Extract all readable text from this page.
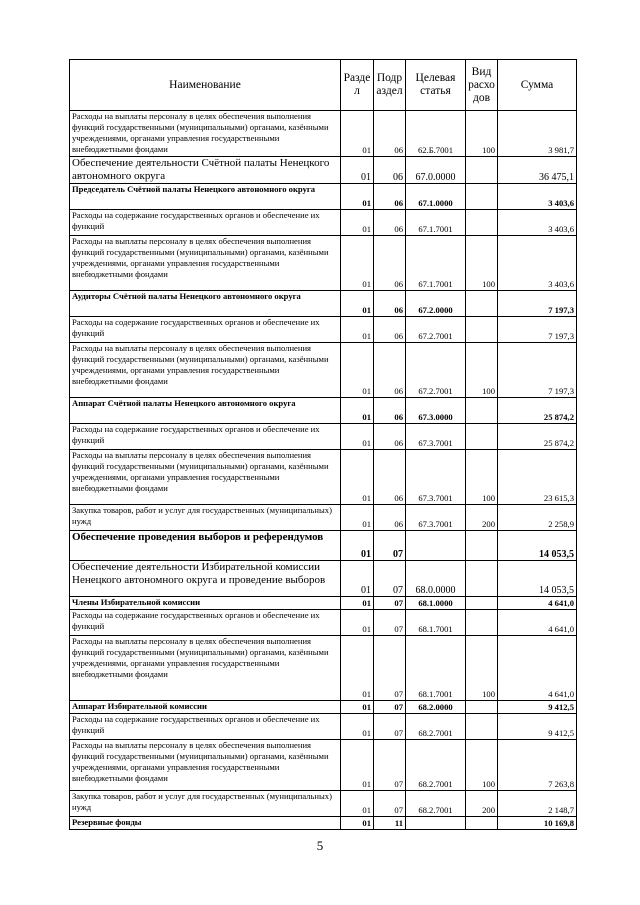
Наименование	Разде л	Подр аздел	Целевая статья	Вид расхо дов	Сумма
Расходы на выплаты персоналу в целях обеспечения выполнения функций государственными (муниципальными) органами, казёнными учреждениями, органами управления государственными внебюджетными фондами	01	06	62.Б.7001	100	3 981,7
Обеспечение деятельности Счётной палаты Ненецкого автономного округа	01	06	67.0.0000		36 475,1
Председатель Счётной палаты Ненецкого автономного округа	01	06	67.1.0000		3 403,6
Расходы на содержание государственных органов и обеспечение их функций	01	06	67.1.7001		3 403,6
Расходы на выплаты персоналу в целях обеспечения выполнения функций государственными (муниципальными) органами, казёнными учреждениями, органами управления государственными внебюджетными фондами	01	06	67.1.7001	100	3 403,6
Аудиторы Счётной палаты Ненецкого автономного округа	01	06	67.2.0000		7 197,3
Расходы на содержание государственных органов и обеспечение их функций	01	06	67.2.7001		7 197,3
Расходы на выплаты персоналу в целях обеспечения выполнения функций государственными (муниципальными) органами, казёнными учреждениями, органами управления государственными внебюджетными фондами	01	06	67.2.7001	100	7 197,3
Аппарат Счётной палаты Ненецкого автономного округа	01	06	67.3.0000		25 874,2
Расходы на содержание государственных органов и обеспечение их функций	01	06	67.3.7001		25 874,2
Расходы на выплаты персоналу в целях обеспечения выполнения функций государственными (муниципальными) органами, казёнными учреждениями, органами управления государственными внебюджетными фондами	01	06	67.3.7001	100	23 615,3
Закупка товаров, работ и услуг для государственных (муниципальных) нужд	01	06	67.3.7001	200	2 258,9
Обеспечение проведения выборов и референдумов	01	07			14 053,5
Обеспечение деятельности Избирательной комиссии Ненецкого автономного округа и проведение выборов	01	07	68.0.0000		14 053,5
Члены Избирательной комиссии	01	07	68.1.0000		4 641,0
Расходы на содержание государственных органов и обеспечение их функций	01	07	68.1.7001		4 641,0
Расходы на выплаты персоналу в целях обеспечения выполнения функций государственными (муниципальными) органами, казёнными учреждениями, органами управления государственными внебюджетными фондами	01	07	68.1.7001	100	4 641,0
Аппарат Избирательной комиссии	01	07	68.2.0000		9 412,5
Расходы на содержание государственных органов и обеспечение их функций	01	07	68.2.7001		9 412,5
Расходы на выплаты персоналу в целях обеспечения выполнения функций государственными (муниципальными) органами, казёнными учреждениями, органами управления государственными внебюджетными фондами	01	07	68.2.7001	100	7 263,8
Закупка товаров, работ и услуг для государственных (муниципальных) нужд	01	07	68.2.7001	200	2 148,7
Резервные фонды	01	11			10 169,8
5
